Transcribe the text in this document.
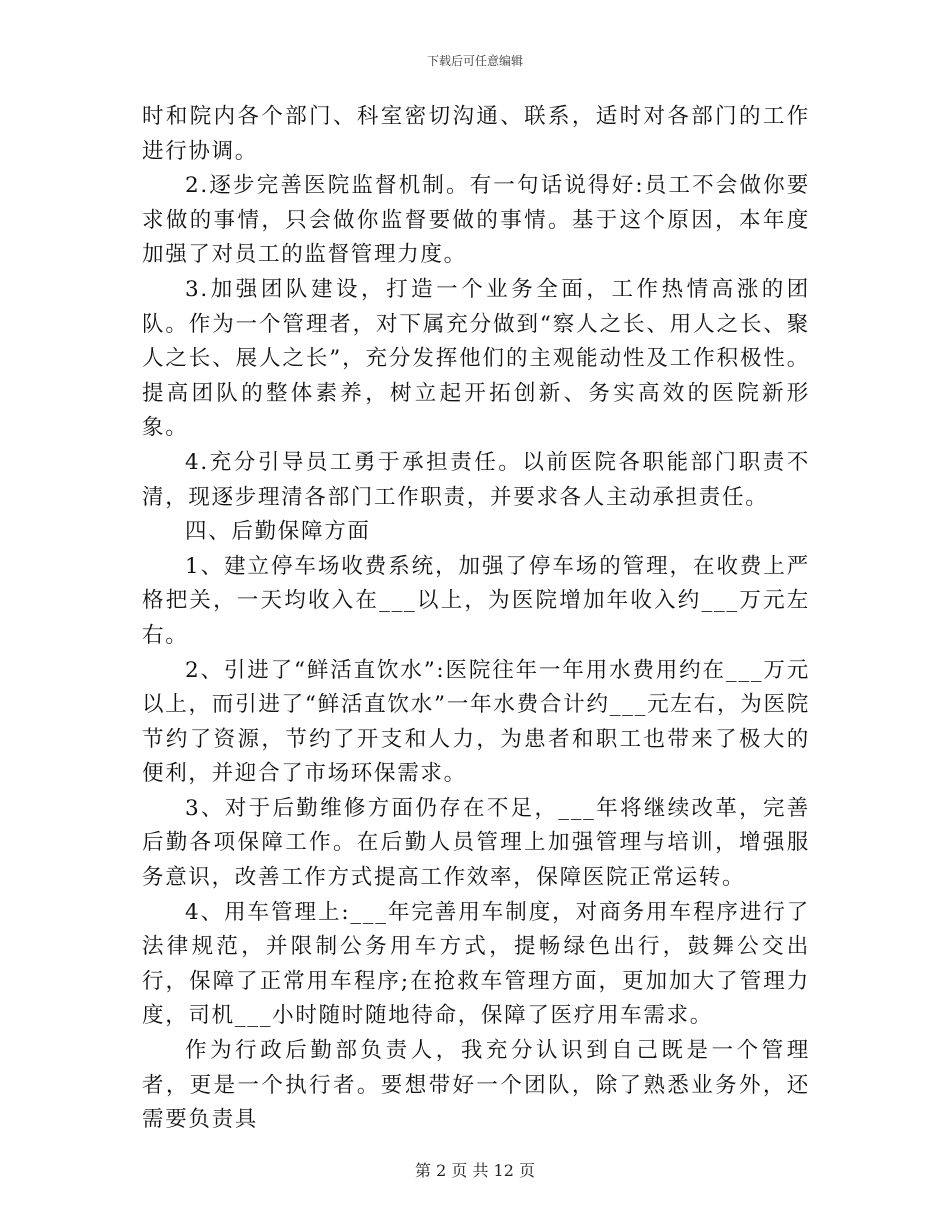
下载后可任意编辑

时和院内各个部门、科室密切沟通、联系，适时对各部门的工作进行协调。

2.逐步完善医院监督机制。有一句话说得好:员工不会做你要求做的事情，只会做你监督要做的事情。基于这个原因，本年度加强了对员工的监督管理力度。

3.加强团队建设，打造一个业务全面，工作热情高涨的团队。作为一个管理者，对下属充分做到“察人之长、用人之长、聚人之长、展人之长”，充分发挥他们的主观能动性及工作积极性。提高团队的整体素养，树立起开拓创新、务实高效的医院新形象。

4.充分引导员工勇于承担责任。以前医院各职能部门职责不清，现逐步理清各部门工作职责，并要求各人主动承担责任。

四、后勤保障方面

1、建立停车场收费系统，加强了停车场的管理，在收费上严格把关，一天均收入在___以上，为医院增加年收入约___万元左右。

2、引进了“鲜活直饮水”:医院往年一年用水费用约在___万元以上，而引进了“鲜活直饮水”一年水费合计约___元左右，为医院节约了资源，节约了开支和人力，为患者和职工也带来了极大的便利，并迎合了市场环保需求。

3、对于后勤维修方面仍存在不足，___年将继续改革，完善后勤各项保障工作。在后勤人员管理上加强管理与培训，增强服务意识，改善工作方式提高工作效率，保障医院正常运转。

4、用车管理上:___年完善用车制度，对商务用车程序进行了法律规范，并限制公务用车方式，提畅绿色出行，鼓舞公交出行，保障了正常用车程序;在抢救车管理方面，更加加大了管理力度，司机___小时随时随地待命，保障了医疗用车需求。

作为行政后勤部负责人，我充分认识到自己既是一个管理者，更是一个执行者。要想带好一个团队，除了熟悉业务外，还需要负责具

第 2 页 共 12 页
